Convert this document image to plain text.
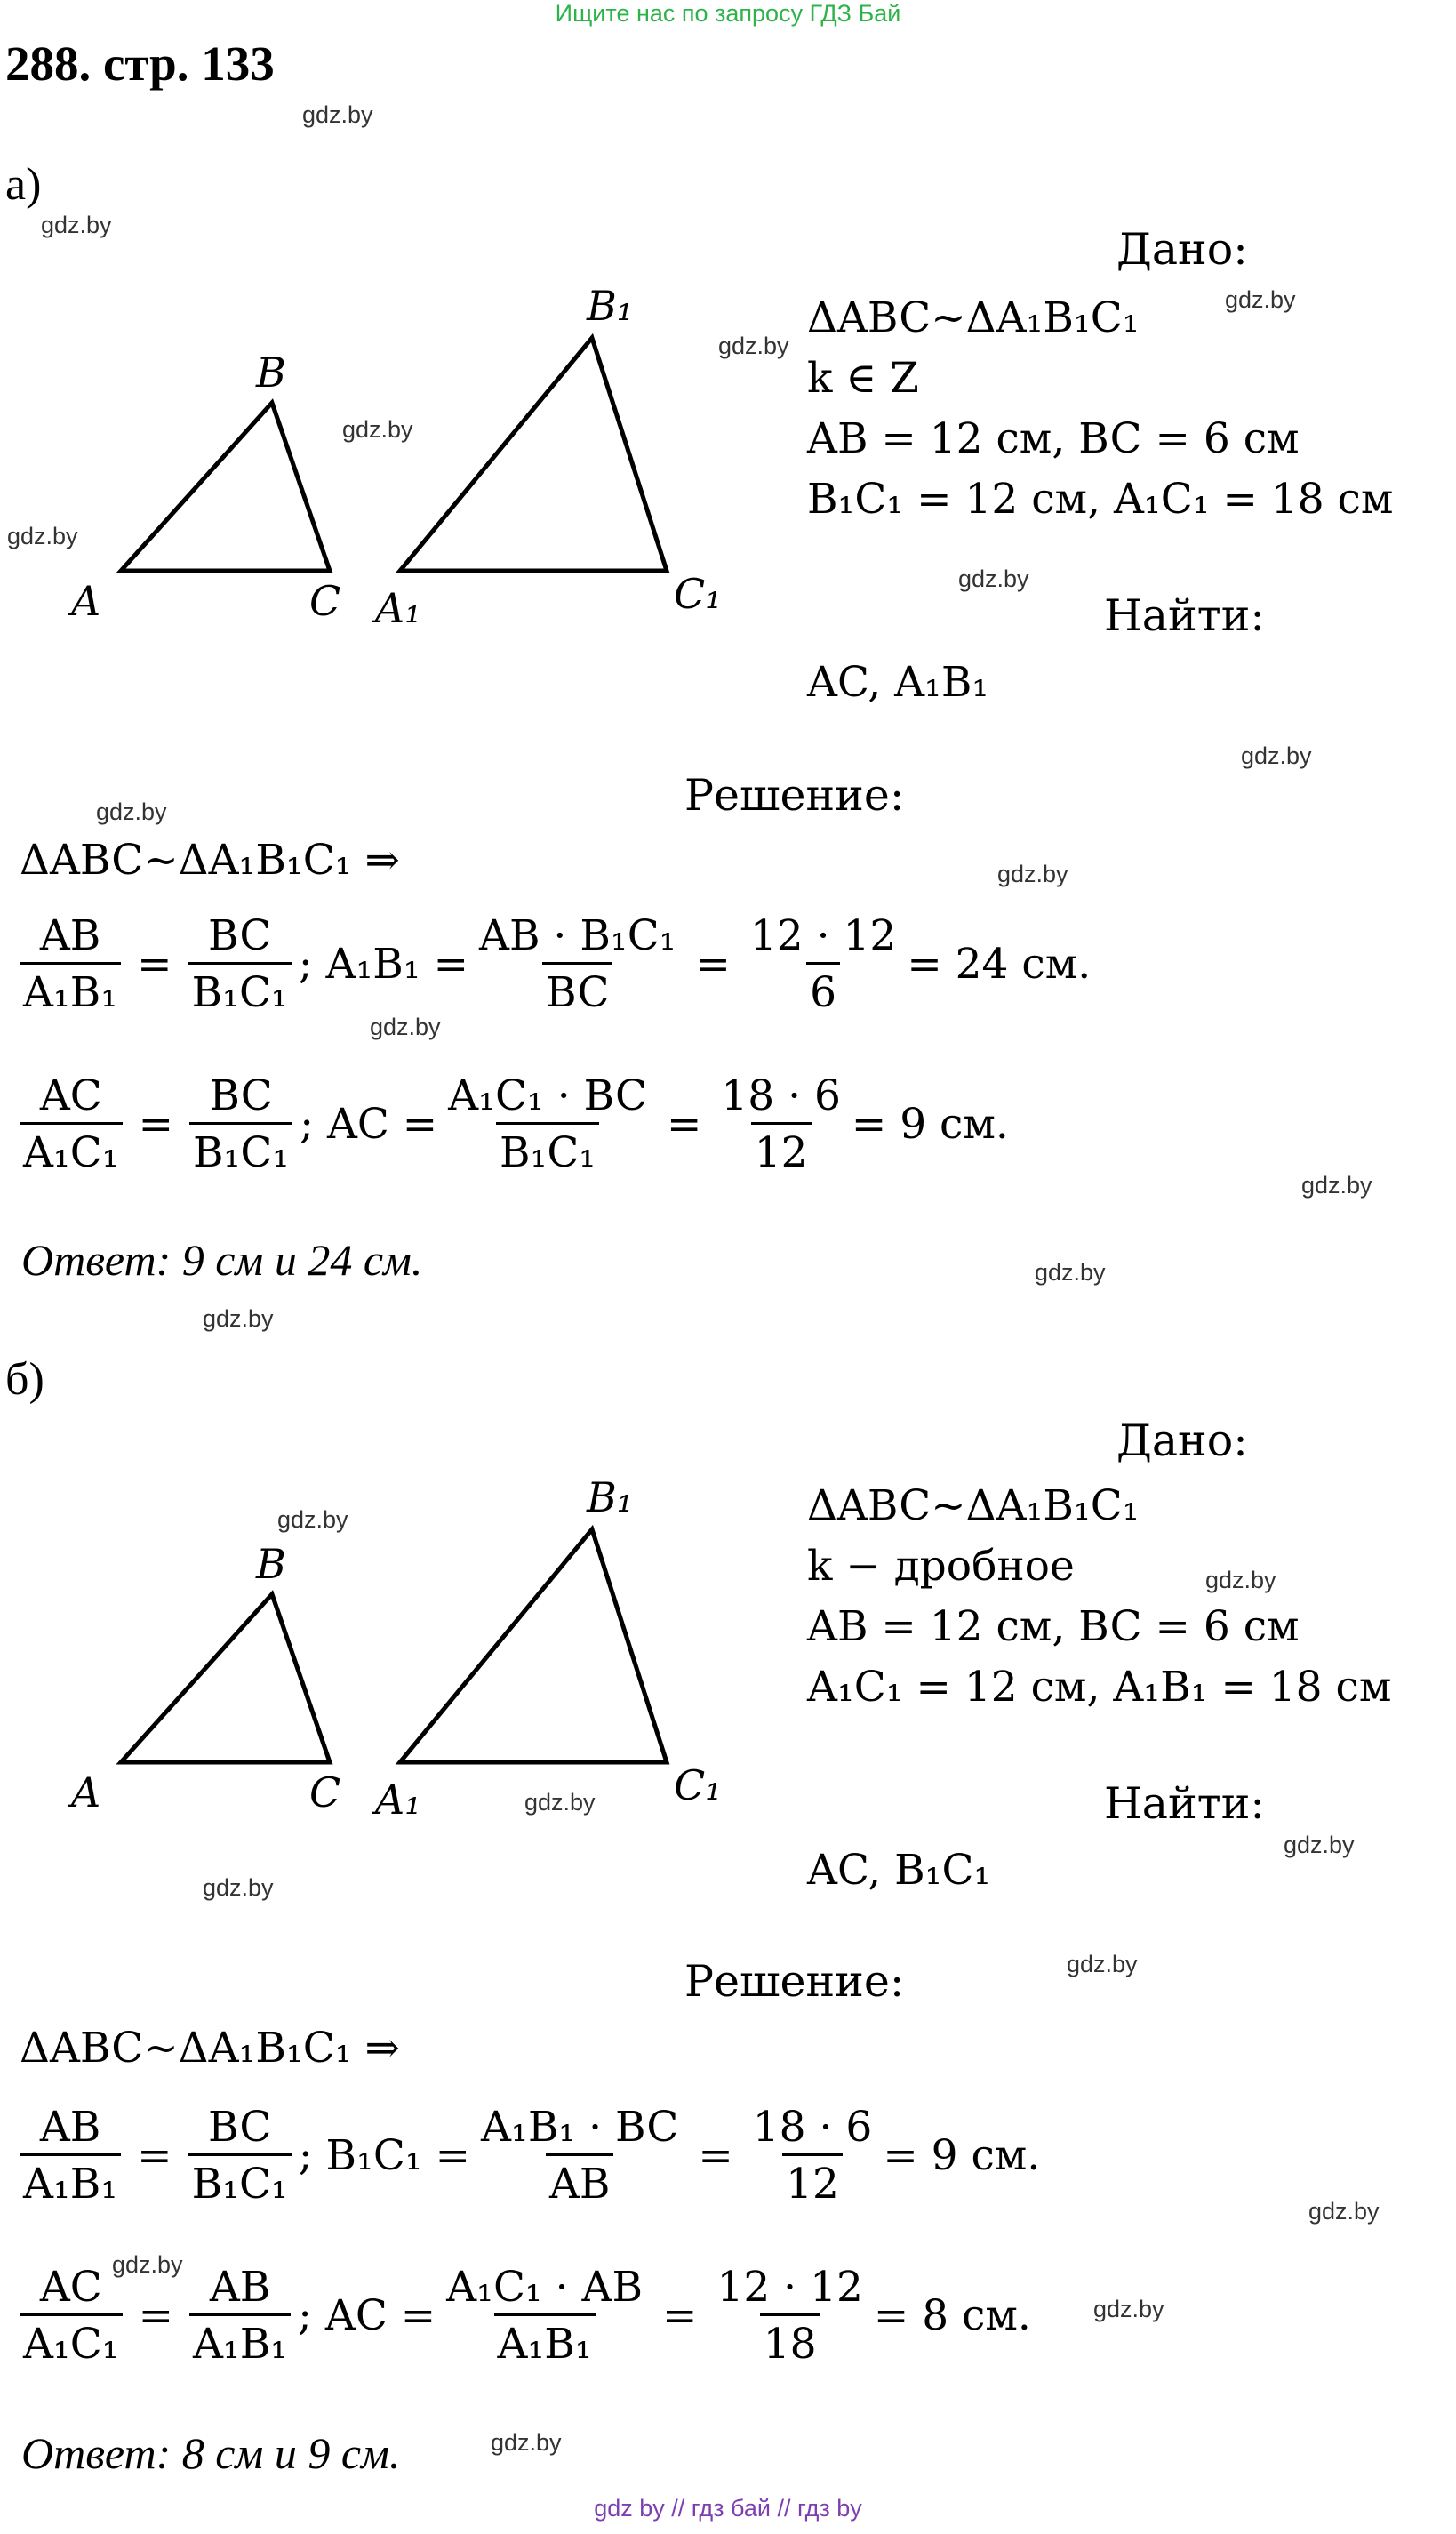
Ищите нас по запросу ГДЗ Бай
288. стр. 133
gdz.by
gdz.by
gdz.by
gdz.by
gdz.by
gdz.by
gdz.by
gdz.by
gdz.by
gdz.by
gdz.by
gdz.by
gdz.by
gdz.by
gdz.by
gdz.by
gdz.by
gdz.by
gdz.by
gdz.by
gdz.by
gdz.by
gdz.by
gdz.by
а)
A
B
C A₁
B₁
C₁
Дано:
ΔABC~ΔA₁B₁C₁
k ∈ Z
AB = 12 см, BC = 6 см
B₁C₁ = 12 см, A₁C₁ = 18 см
Найти:
AC, A₁B₁
Решение:
ΔABC~ΔA₁B₁C₁ ⇒
$\frac{AB}{\text{A₁B₁}} = \frac{BC}{\text{B₁C₁}}$ ; $A_1B_1 = \frac{\text{AB · B₁C₁}}{BC} = \frac{12 \cdot 12}{6} = 24$ см.
$\frac{AC}{\text{A₁C₁}} = \frac{BC}{\text{B₁C₁}}$ ; AC = $\frac{\text{A₁C₁ · BC}}{\text{B₁C₁}} = \frac{18 \cdot 6}{12} = 9$ см.
Ответ: 9 см и 24 см.
б)
A
B
C A₁
B₁
C₁
Дано:
ΔABC~ΔA₁B₁C₁
k − дробное
AB = 12 см, BC = 6 см
A₁C₁ = 12 см, A₁B₁ = 18 см
Найти:
AC, B₁C₁
Решение:
ΔABC~ΔA₁B₁C₁ ⇒
$\frac{AB}{\text{A₁B₁}} = \frac{BC}{\text{B₁C₁}}$ ; $B_1C_1 = \frac{\text{A₁B₁ · BC}}{AB} = \frac{18 \cdot 6}{12} = 9$ см.
$\frac{AC}{\text{A₁C₁}} = \frac{AB}{\text{A₁B₁}}$ ; AC = $\frac{\text{A₁C₁ · AB}}{\text{A₁B₁}} = \frac{12 \cdot 12}{18} = 8$ см.
Ответ: 8 см и 9 см.
gdz by // гдз бай // гдз by
